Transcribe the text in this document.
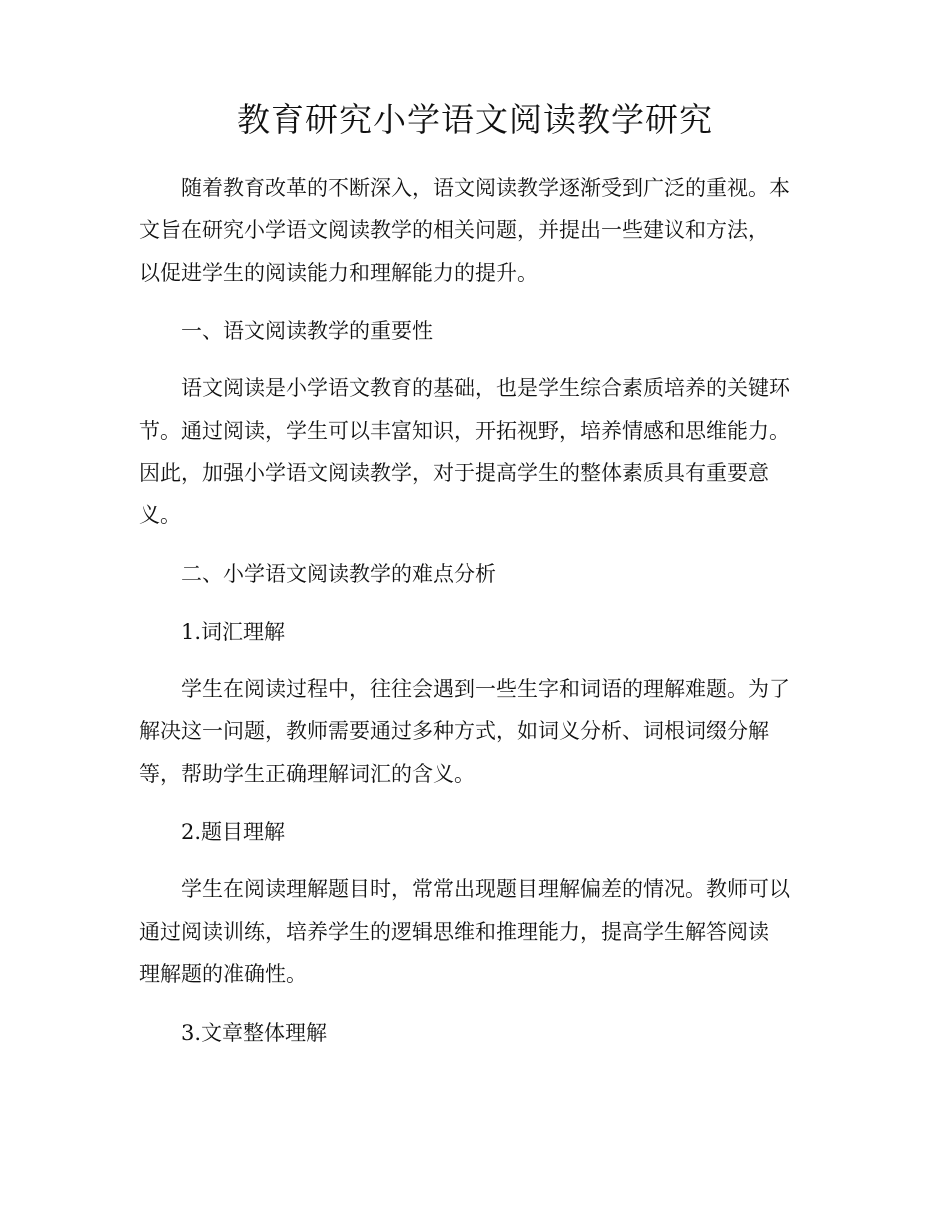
教育研究小学语文阅读教学研究
　　随着教育改革的不断深入，语文阅读教学逐渐受到广泛的重视。本
文旨在研究小学语文阅读教学的相关问题，并提出一些建议和方法，
以促进学生的阅读能力和理解能力的提升。
　　一、语文阅读教学的重要性
　　语文阅读是小学语文教育的基础，也是学生综合素质培养的关键环
节。通过阅读，学生可以丰富知识，开拓视野，培养情感和思维能力。
因此，加强小学语文阅读教学，对于提高学生的整体素质具有重要意
义。
　　二、小学语文阅读教学的难点分析
　　1.词汇理解
　　学生在阅读过程中，往往会遇到一些生字和词语的理解难题。为了
解决这一问题，教师需要通过多种方式，如词义分析、词根词缀分解
等，帮助学生正确理解词汇的含义。
　　2.题目理解
　　学生在阅读理解题目时，常常出现题目理解偏差的情况。教师可以
通过阅读训练，培养学生的逻辑思维和推理能力，提高学生解答阅读
理解题的准确性。
　　3.文章整体理解
